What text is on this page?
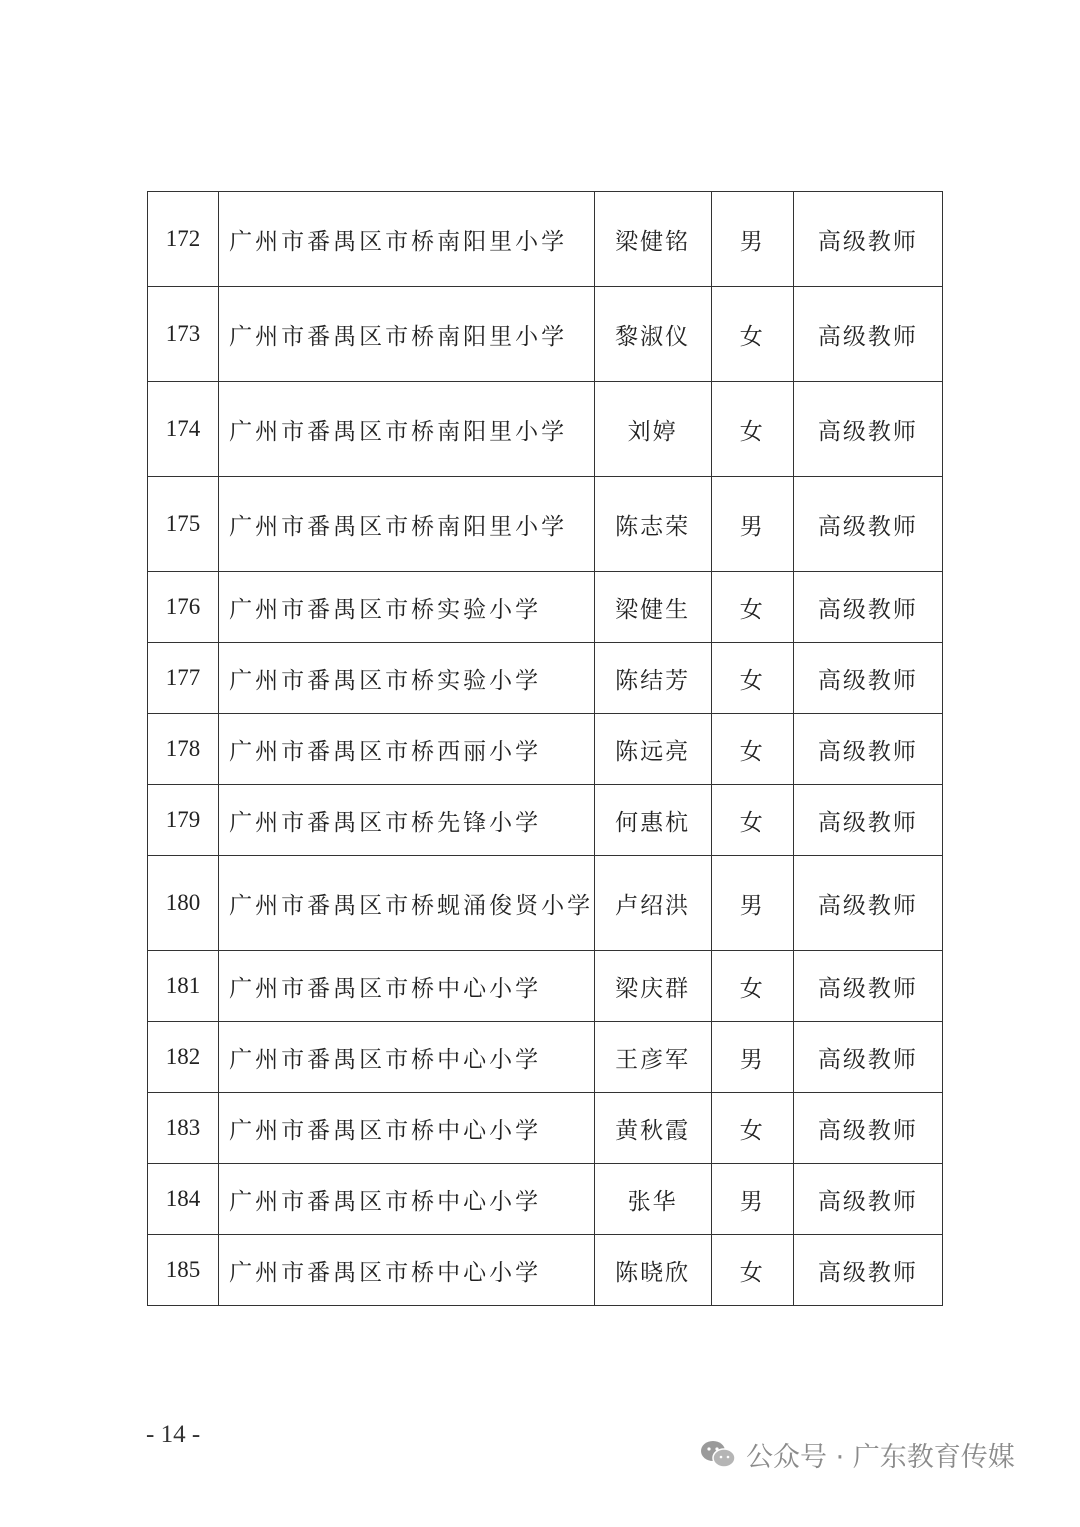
172	广州市番禺区市桥南阳里小学	梁健铭	男	高级教师
173	广州市番禺区市桥南阳里小学	黎淑仪	女	高级教师
174	广州市番禺区市桥南阳里小学	刘婷	女	高级教师
175	广州市番禺区市桥南阳里小学	陈志荣	男	高级教师
176	广州市番禺区市桥实验小学	梁健生	女	高级教师
177	广州市番禺区市桥实验小学	陈结芳	女	高级教师
178	广州市番禺区市桥西丽小学	陈远亮	女	高级教师
179	广州市番禺区市桥先锋小学	何惠杭	女	高级教师
180	广州市番禺区市桥蚬涌俊贤小学	卢绍洪	男	高级教师
181	广州市番禺区市桥中心小学	梁庆群	女	高级教师
182	广州市番禺区市桥中心小学	王彦军	男	高级教师
183	广州市番禺区市桥中心小学	黄秋霞	女	高级教师
184	广州市番禺区市桥中心小学	张华	男	高级教师
185	广州市番禺区市桥中心小学	陈晓欣	女	高级教师
- 14 -
公众号 · 广东教育传媒
